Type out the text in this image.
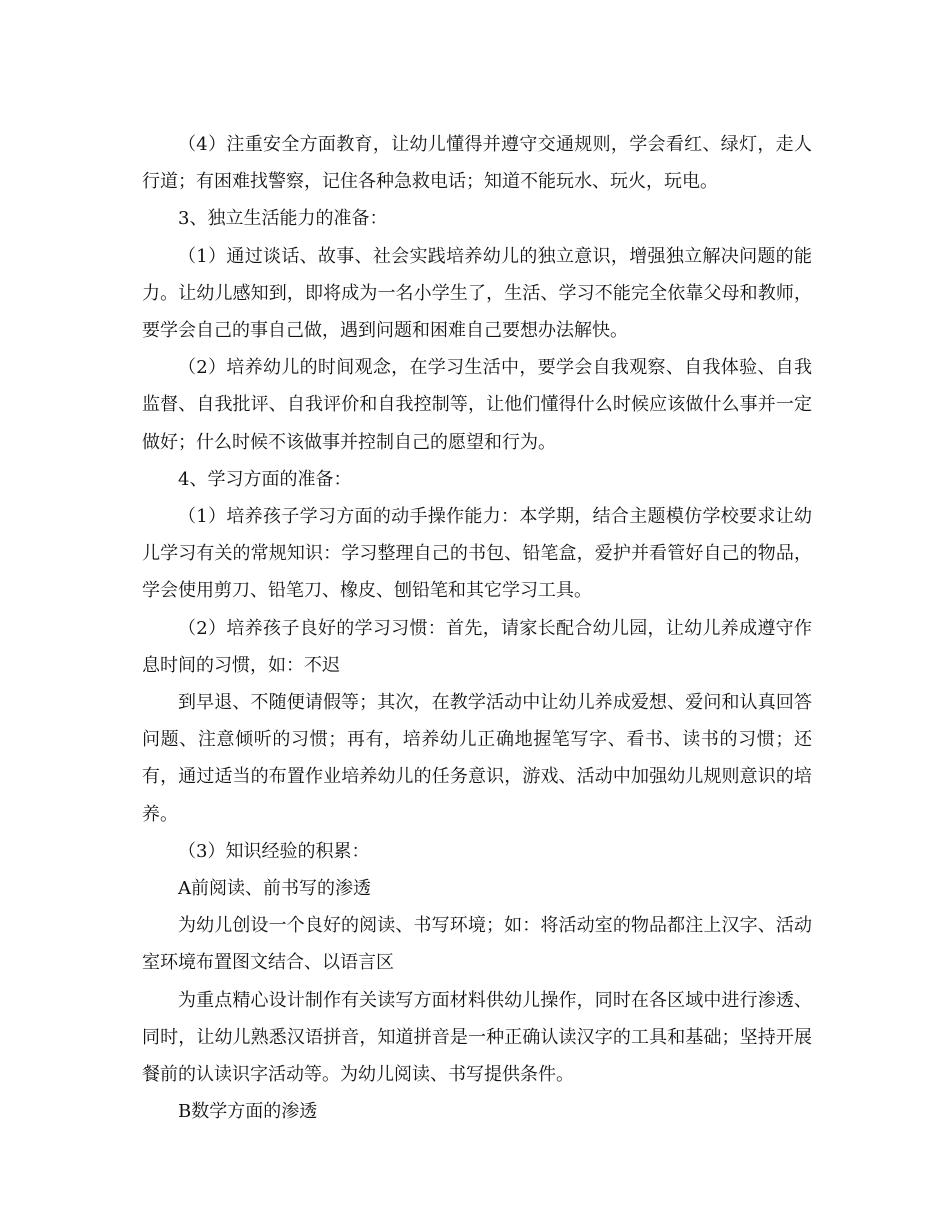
（4）注重安全方面教育，让幼儿懂得并遵守交通规则，学会看红、绿灯，走人行道；有困难找警察，记住各种急救电话；知道不能玩水、玩火，玩电。

3、独立生活能力的准备：

（1）通过谈话、故事、社会实践培养幼儿的独立意识，增强独立解决问题的能力。让幼儿感知到，即将成为一名小学生了，生活、学习不能完全依靠父母和教师，要学会自己的事自己做，遇到问题和困难自己要想办法解快。

（2）培养幼儿的时间观念，在学习生活中，要学会自我观察、自我体验、自我监督、自我批评、自我评价和自我控制等，让他们懂得什么时候应该做什么事并一定做好；什么时候不该做事并控制自己的愿望和行为。

4、学习方面的准备：

（1）培养孩子学习方面的动手操作能力：本学期，结合主题模仿学校要求让幼儿学习有关的常规知识：学习整理自己的书包、铅笔盒，爱护并看管好自己的物品，学会使用剪刀、铅笔刀、橡皮、刨铅笔和其它学习工具。

（2）培养孩子良好的学习习惯：首先，请家长配合幼儿园，让幼儿养成遵守作息时间的习惯，如：不迟

到早退、不随便请假等；其次，在教学活动中让幼儿养成爱想、爱问和认真回答问题、注意倾听的习惯；再有，培养幼儿正确地握笔写字、看书、读书的习惯；还有，通过适当的布置作业培养幼儿的任务意识，游戏、活动中加强幼儿规则意识的培养。

（3）知识经验的积累：

A前阅读、前书写的渗透

为幼儿创设一个良好的阅读、书写环境；如：将活动室的物品都注上汉字、活动室环境布置图文结合、以语言区

为重点精心设计制作有关读写方面材料供幼儿操作，同时在各区域中进行渗透、同时，让幼儿熟悉汉语拼音，知道拼音是一种正确认读汉字的工具和基础；坚持开展餐前的认读识字活动等。为幼儿阅读、书写提供条件。

B数学方面的渗透
